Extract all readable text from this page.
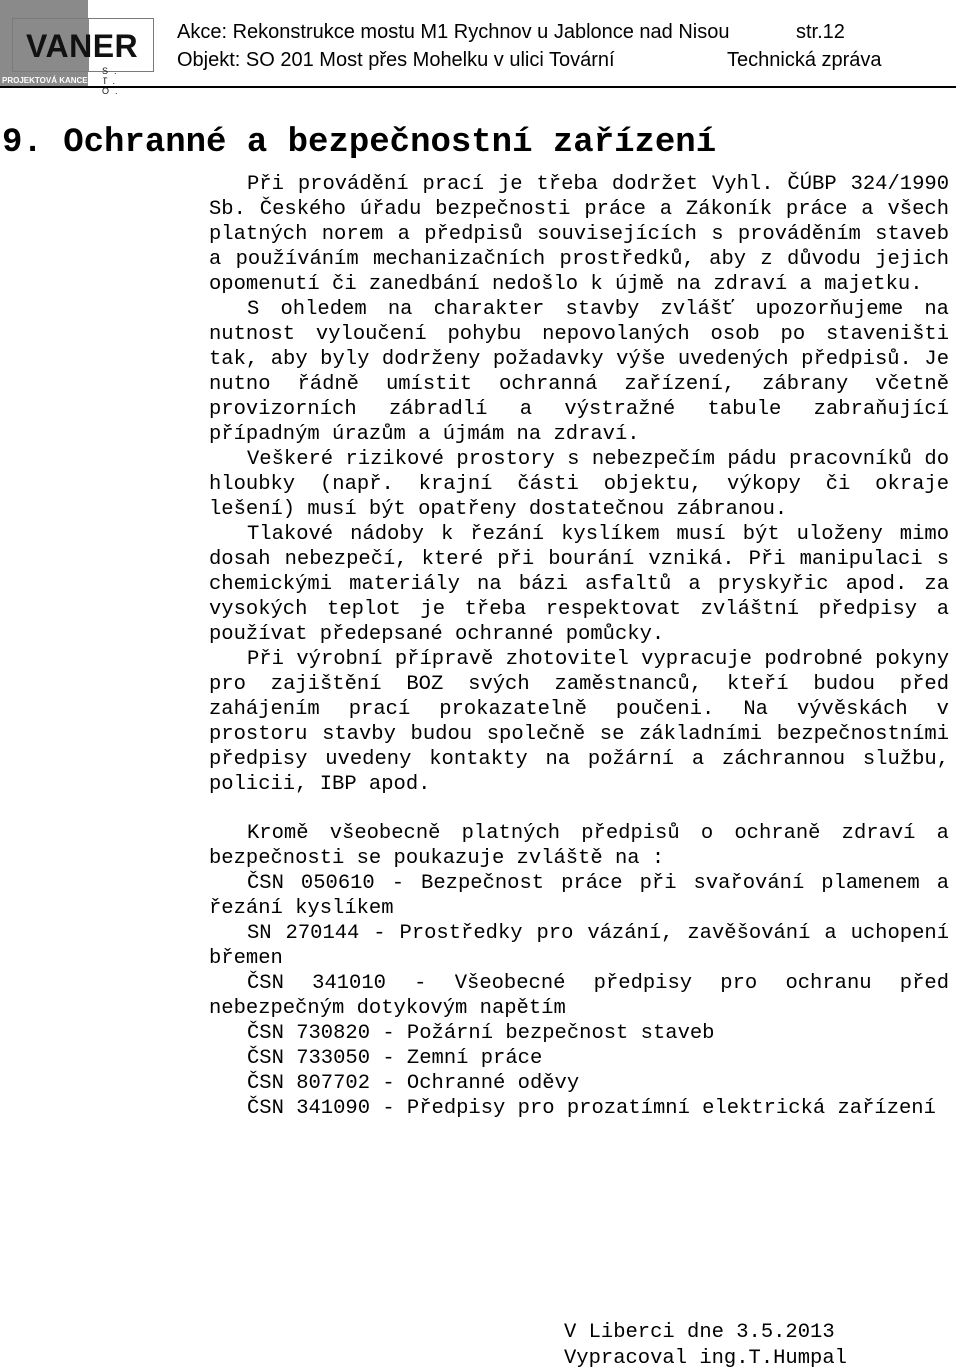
VANER
S. T. O.
PROJEKTOVÁ KANCELÁŘ
Akce: Rekonstrukce mostu M1 Rychnov u Jablonce nad Nisou
Objekt: SO 201 Most přes Mohelku v ulici Tovární
str.12
Technická zpráva
9. Ochranné a bezpečnostní zařízení

Při provádění prací je třeba dodržet Vyhl. ČÚBP 324/1990 Sb. Českého úřadu bezpečnosti práce a Zákoník práce a všech platných norem a předpisů souvisejících s prováděním staveb a používáním mechanizačních prostředků, aby z důvodu jejich opomenutí či zanedbání nedošlo k újmě na zdraví a majetku.

S ohledem na charakter stavby zvlášť upozorňujeme na nutnost vyloučení pohybu nepovolaných osob po staveništi tak, aby byly dodrženy požadavky výše uvedených předpisů. Je nutno řádně umístit ochranná zařízení, zábrany včetně provizorních zábradlí a výstražné tabule zabraňující případným úrazům a újmám na zdraví.

Veškeré rizikové prostory s nebezpečím pádu pracovníků do hloubky (např. krajní části objektu, výkopy či okraje lešení) musí být opatřeny dostatečnou zábranou.

Tlakové nádoby k řezání kyslíkem musí být uloženy mimo dosah nebezpečí, které při bourání vzniká. Při manipulaci s chemickými materiály na bázi asfaltů a pryskyřic apod. za vysokých teplot je třeba respektovat zvláštní předpisy a používat předepsané ochranné pomůcky.

Při výrobní přípravě zhotovitel vypracuje podrobné pokyny pro zajištění BOZ svých zaměstnanců, kteří budou před zahájením prací prokazatelně poučeni. Na vývěskách v prostoru stavby budou společně se základními bezpečnostními předpisy uvedeny kontakty na požární a záchrannou službu, policii, IBP apod.

Kromě všeobecně platných předpisů o ochraně zdraví a bezpečnosti se poukazuje zvláště na :

ČSN 050610 - Bezpečnost práce při svařování plamenem a řezání kyslíkem

SN 270144 - Prostředky pro vázání, zavěšování a uchopení břemen

ČSN 341010 - Všeobecné předpisy pro ochranu před nebezpečným dotykovým napětím

ČSN 730820 - Požární bezpečnost staveb

ČSN 733050 - Zemní práce

ČSN 807702 - Ochranné oděvy

ČSN 341090 - Předpisy pro prozatímní elektrická zařízení

V Liberci dne 3.5.2013
Vypracoval ing.T.Humpal
